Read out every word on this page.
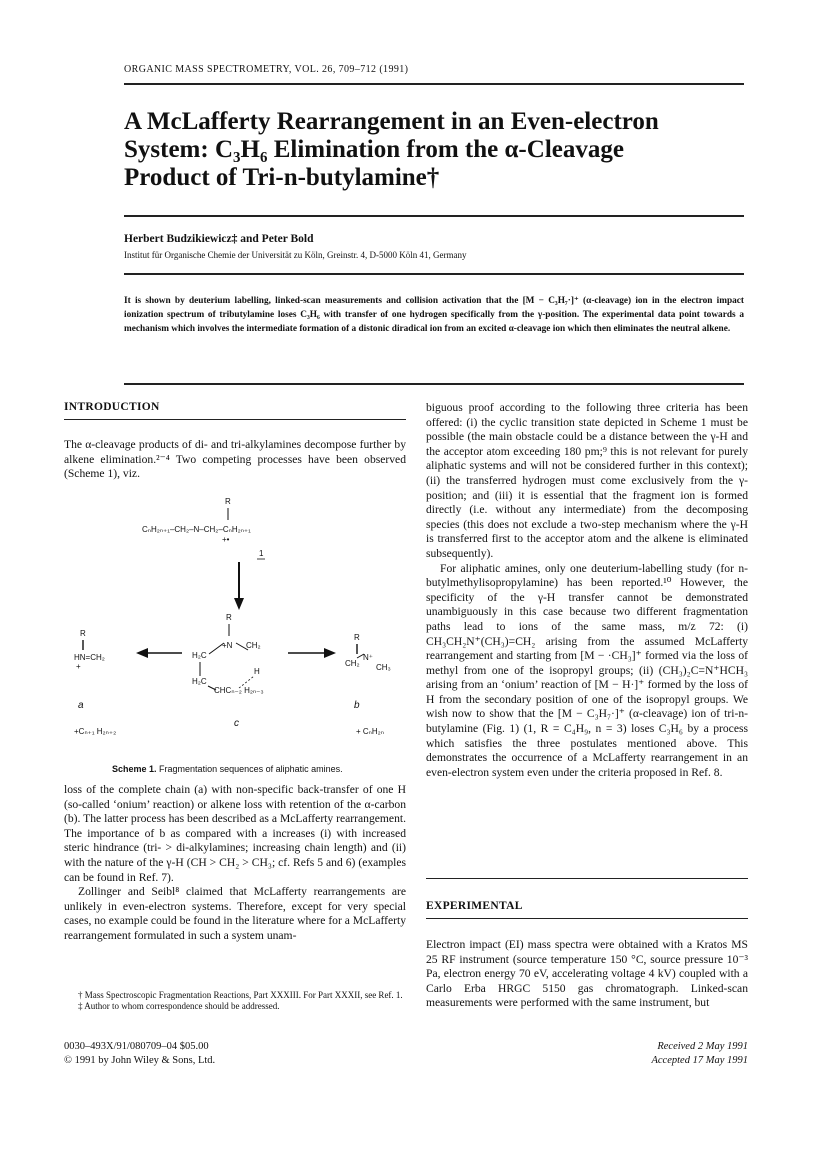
ORGANIC MASS SPECTROMETRY, VOL. 26, 709–712 (1991)
A McLafferty Rearrangement in an Even-electron
System: C₃H₆ Elimination from the α-Cleavage
Product of Tri-n-butylamine†
Herbert Budzikiewicz‡ and Peter Bold
Institut für Organische Chemie der Universität zu Köln, Greinstr. 4, D-5000 Köln 41, Germany
It is shown by deuterium labelling, linked-scan measurements and collision activation that the [M − C₃H₇·]⁺ (α-cleavage) ion in the electron impact ionization spectrum of tributylamine loses C₃H₆ with transfer of one hydrogen specifically from the γ-position. The experimental data point towards a mechanism which involves the intermediate formation of a distonic diradical ion from an excited α-cleavage ion which then eliminates the neutral alkene.
INTRODUCTION

The α-cleavage products of di- and tri-alkylamines decompose further by alkene elimination.²⁻⁴ Two competing processes have been observed (Scheme 1), viz.

R
CₙH₂ₙ₊₁–CH₂–N–CH₂–CₙH₂ₙ₊₁
+•
1
R
+N CH₂
H₂C
H
H₂C
CHCₙ₋₂ H₂ₙ₋₃
c
R
HN=CH₂
+
a
+Cₙ₊₁ H₂ₙ₊₂
R
CH₂
N⁺
CH₃
b
+ CₙH₂ₙ
Scheme 1. Fragmentation sequences of aliphatic amines.

loss of the complete chain (a) with non-specific back-transfer of one H (so-called ‘onium’ reaction) or alkene loss with retention of the α-carbon (b). The latter process has been described as a McLafferty rearrangement. The importance of b as compared with a increases (i) with increased steric hindrance (tri- > di-alkylamines; increasing chain length) and (ii) with the nature of the γ-H (CH > CH₂ > CH₃; cf. Refs 5 and 6) (examples can be found in Ref. 7).

Zollinger and Seibl⁸ claimed that McLafferty rearrangements are unlikely in even-electron systems. Therefore, except for very special cases, no example could be found in the literature where for a McLafferty rearrangement formulated in such a system unam-

† Mass Spectroscopic Fragmentation Reactions, Part XXXIII. For Part XXXII, see Ref. 1.

‡ Author to whom correspondence should be addressed.

0030–493X/91/080709–04 $05.00
© 1991 by John Wiley & Sons, Ltd.

biguous proof according to the following three criteria has been offered: (i) the cyclic transition state depicted in Scheme 1 must be possible (the main obstacle could be a distance between the γ-H and the acceptor atom exceeding 180 pm;⁹ this is not relevant for purely aliphatic systems and will not be considered further in this context); (ii) the transferred hydrogen must come exclusively from the γ-position; and (iii) it is essential that the fragment ion is formed directly (i.e. without any intermediate) from the decomposing species (this does not exclude a two-step mechanism where the γ-H is transferred first to the acceptor atom and the alkene is eliminated subsequently).

For aliphatic amines, only one deuterium-labelling study (for n-butylmethylisopropylamine) has been reported.¹⁰ However, the specificity of the γ-H transfer cannot be demonstrated unambiguously in this case because two different fragmentation paths lead to ions of the same mass, m/z 72: (i) CH₃CH₂N⁺(CH₃)=CH₂ arising from the assumed McLafferty rearrangement and starting from [M − ·CH₃]⁺ formed via the loss of methyl from one of the isopropyl groups; (ii) (CH₃)₂C=N⁺HCH₃ arising from an ‘onium’ reaction of [M − H·]⁺ formed by the loss of H from the secondary position of one of the isopropyl groups. We wish now to show that the [M − C₃H₇·]⁺ (α-cleavage) ion of tri-n-butylamine (Fig. 1) (1, R = C₄H₉, n = 3) loses C₃H₆ by a process which satisfies the three postulates mentioned above. This demonstrates the occurrence of a McLafferty rearrangement in an even-electron system even under the criteria proposed in Ref. 8.

EXPERIMENTAL

Electron impact (EI) mass spectra were obtained with a Kratos MS 25 RF instrument (source temperature 150 °C, source pressure 10⁻³ Pa, electron energy 70 eV, accelerating voltage 4 kV) coupled with a Carlo Erba HRGC 5150 gas chromatograph. Linked-scan measurements were performed with the same instrument, but

Received 2 May 1991
Accepted 17 May 1991
